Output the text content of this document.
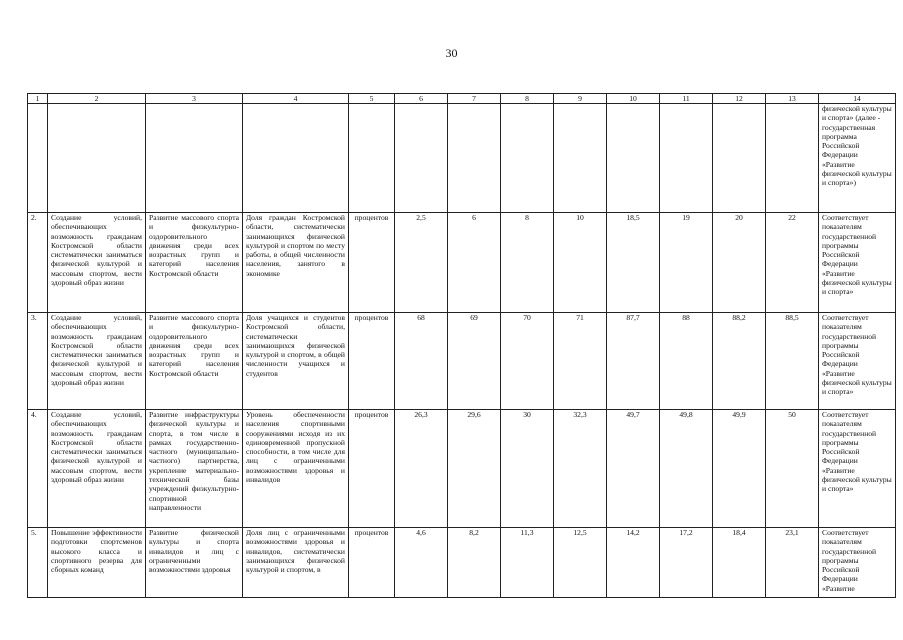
30
1	2	3	4	5	6	7	8	9	10	11	12	13	14
													физической культуры и спорта» (далее - государственная программа Российской Федерации «Развитие физической культуры и спорта»)
2.	Создание условий, обеспечивающих возможность гражданам Костромской области систематически заниматься физической культурой и массовым спортом, вести здоровый образ жизни	Развитие массового спорта и физкультурно-оздоровительного движения среди всех возрастных групп и категорий населения Костромской области	Доля граждан Костромской области, систематически занимающихся физической культурой и спортом по месту работы, в общей численности населения, занятого в экономике	процентов	2,5	6	8	10	18,5	19	20	22	Соответствует показателям государственной программы Российской Федерации «Развитие физической культуры и спорта»
3.	Создание условий, обеспечивающих возможность гражданам Костромской области систематически заниматься физической культурой и массовым спортом, вести здоровый образ жизни	Развитие массового спорта и физкультурно-оздоровительного движения среди всех возрастных групп и категорий населения Костромской области	Доля учащихся и студентов Костромской области, систематически занимающихся физической культурой и спортом, в общей численности учащихся и студентов	процентов	68	69	70	71	87,7	88	88,2	88,5	Соответствует показателям государственной программы Российской Федерации «Развитие физической культуры и спорта»
4.	Создание условий, обеспечивающих возможность гражданам Костромской области систематически заниматься физической культурой и массовым спортом, вести здоровый образ жизни	Развитие инфраструктуры физической культуры и спорта, в том числе в рамках государственно-частного (муниципально-частного) партнерства, укрепление материально-технической базы учреждений физкультурно-спортивной направленности	Уровень обеспеченности населения спортивными сооружениями исходя из их единовременной пропускной способности, в том числе для лиц с ограниченными возможностями здоровья и инвалидов	процентов	26,3	29,6	30	32,3	49,7	49,8	49,9	50	Соответствует показателям государственной программы Российской Федерации «Развитие физической культуры и спорта»
5.	Повышение эффективности подготовки спортсменов высокого класса и спортивного резерва для сборных команд	Развитие физической культуры и спорта инвалидов и лиц с ограниченными возможностями здоровья	Доля лиц с ограниченными возможностями здоровья и инвалидов, систематически занимающихся физической культурой и спортом, в	процентов	4,6	8,2	11,3	12,5	14,2	17,2	18,4	23,1	Соответствует показателям государственной программы Российской Федерации «Развитие
